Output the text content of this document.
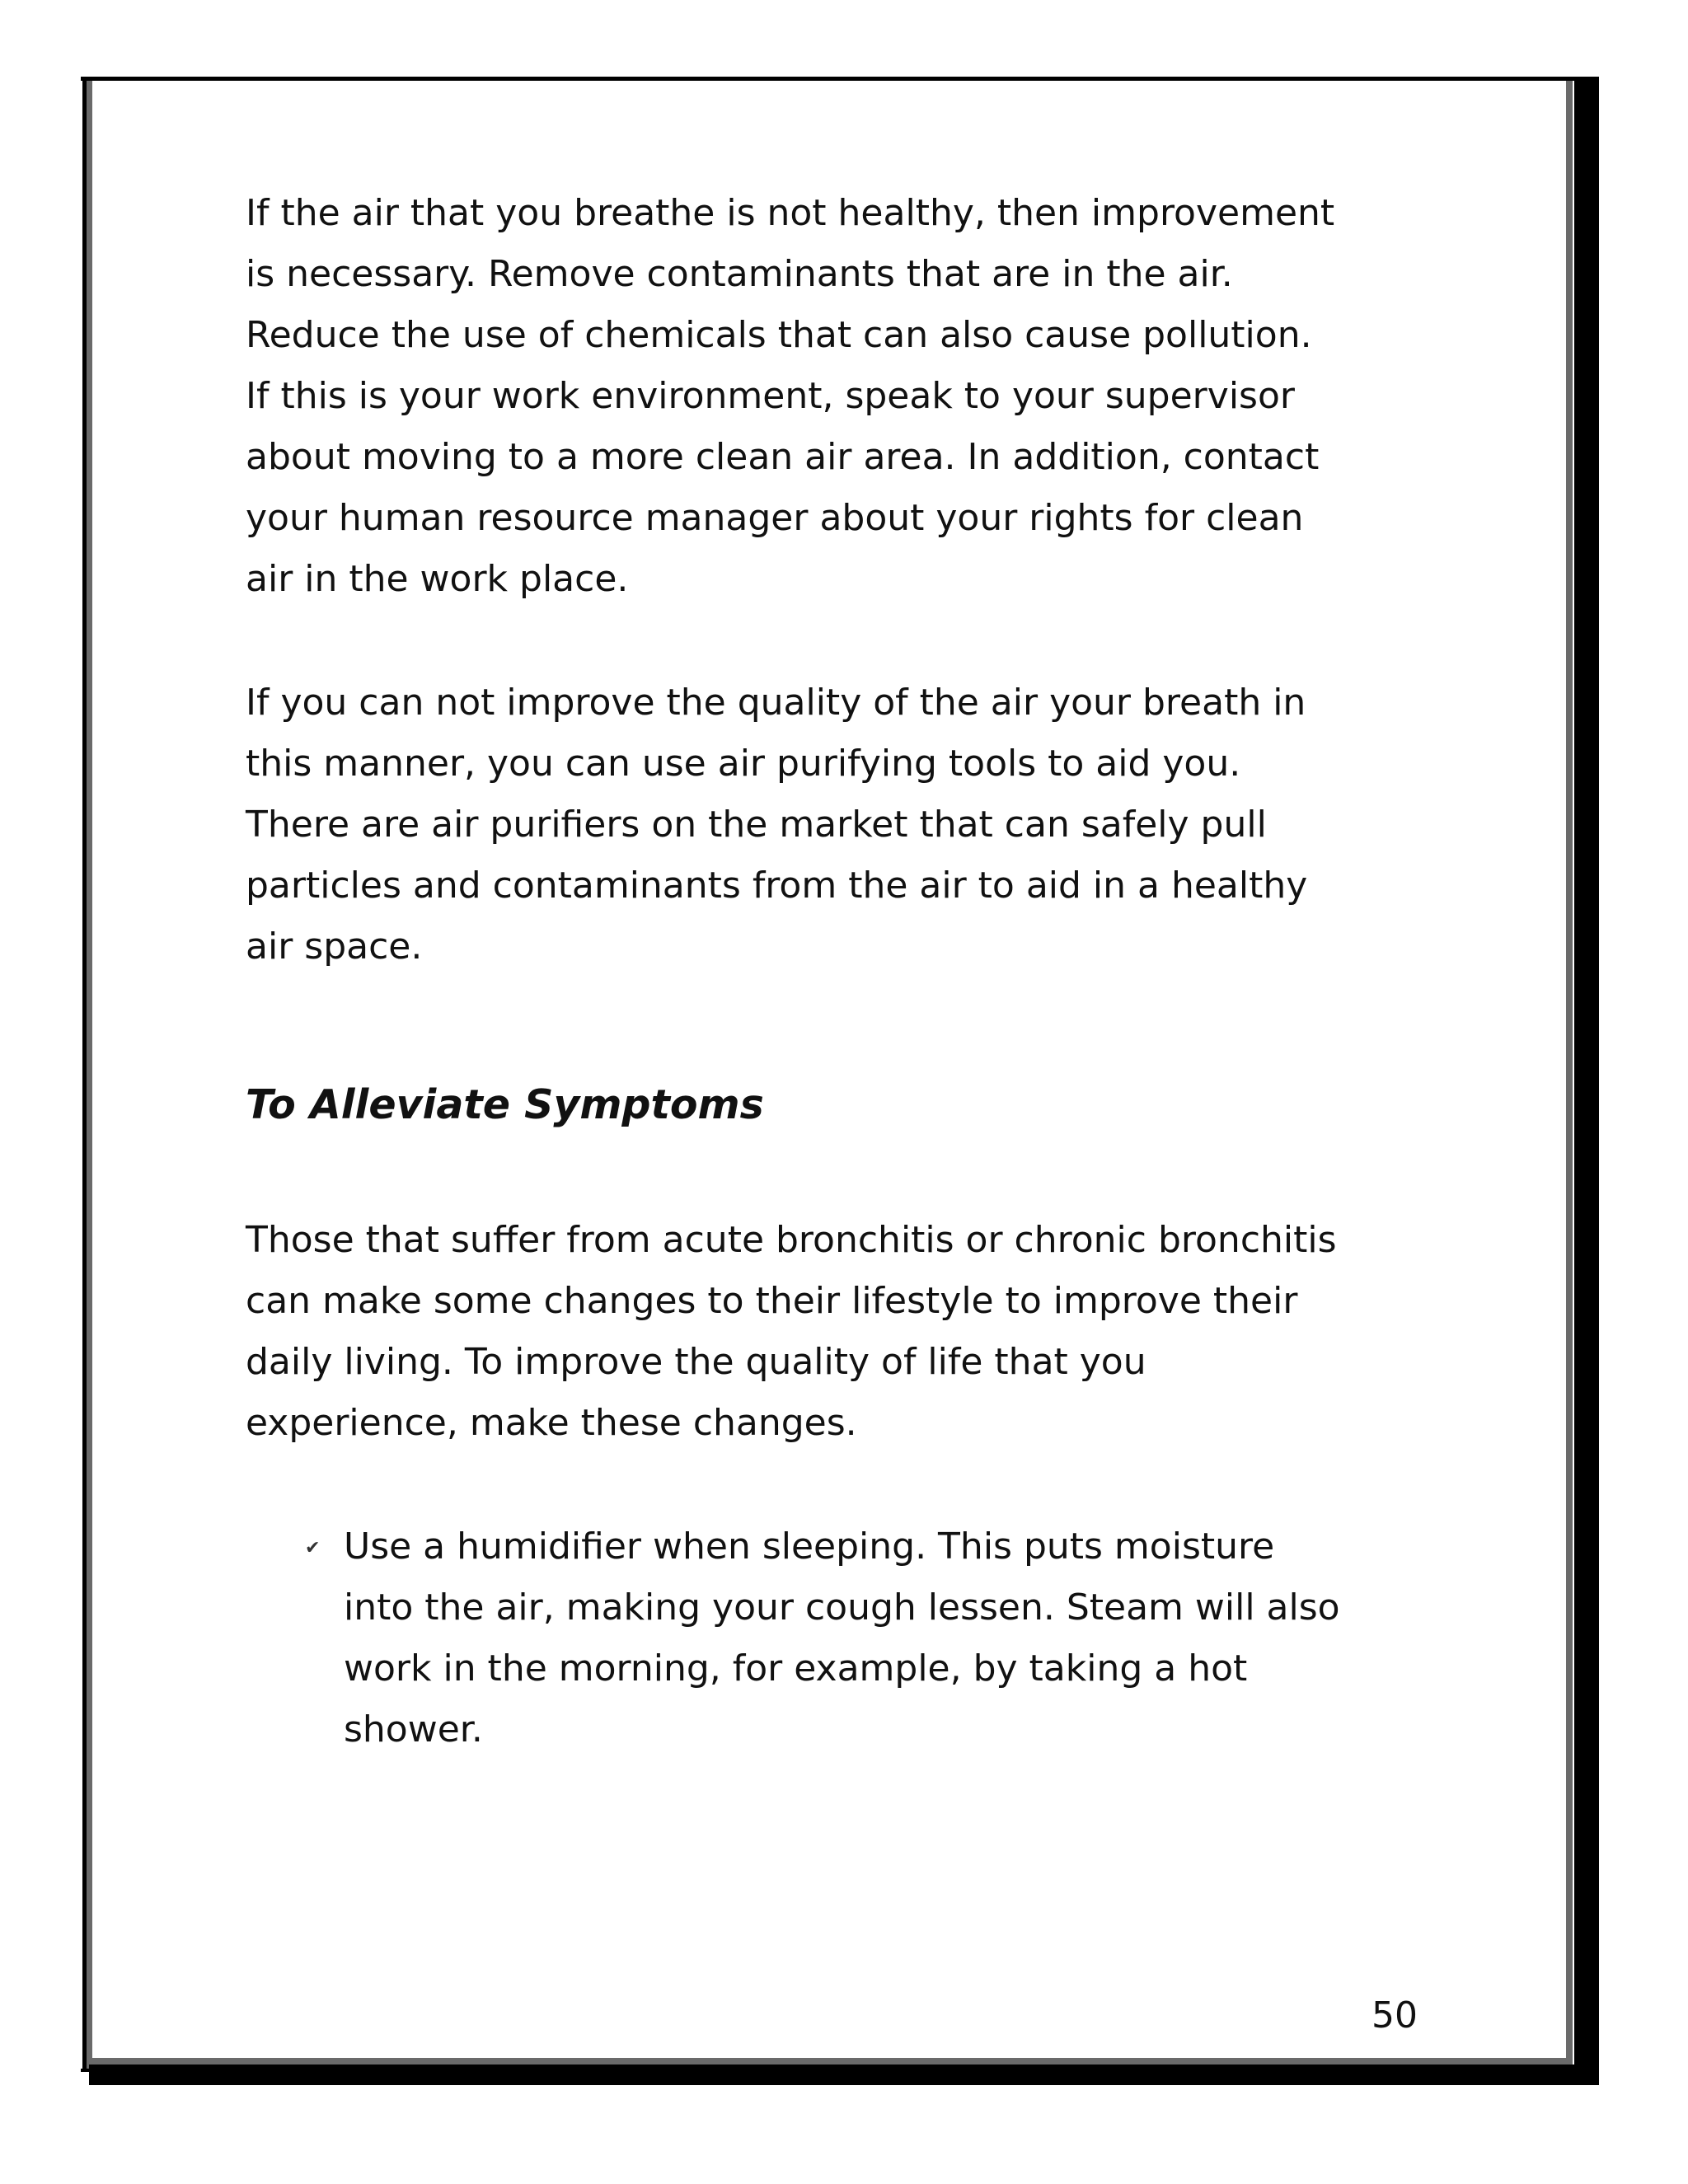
If the air that you breathe is not healthy, then improvement
is necessary. Remove contaminants that are in the air.
Reduce the use of chemicals that can also cause pollution.
If this is your work environment, speak to your supervisor
about moving to a more clean air area. In addition, contact
your human resource manager about your rights for clean
air in the work place.

If you can not improve the quality of the air your breath in
this manner, you can use air purifying tools to aid you.
There are air purifiers on the market that can safely pull
particles and contaminants from the air to aid in a healthy
air space.

To Alleviate Symptoms

Those that suffer from acute bronchitis or chronic bronchitis
can make some changes to their lifestyle to improve their
daily living. To improve the quality of life that you
experience, make these changes.

✔ Use a humidifier when sleeping. This puts moisture
into the air, making your cough lessen. Steam will also
work in the morning, for example, by taking a hot
shower.

50
